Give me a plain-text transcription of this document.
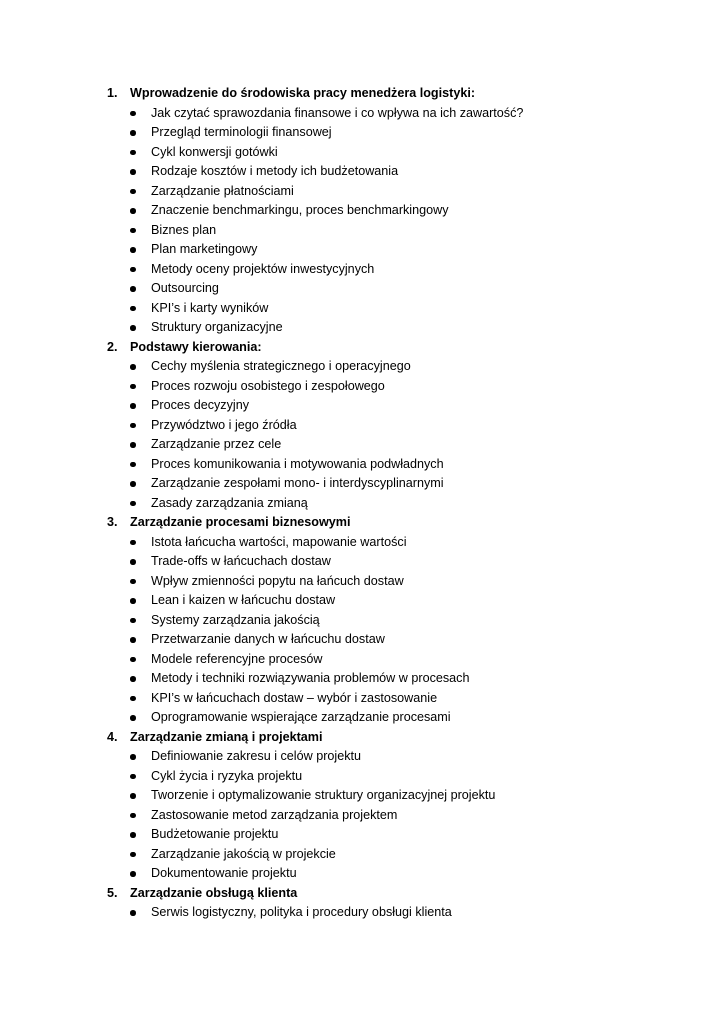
1. Wprowadzenie do środowiska pracy menedżera logistyki:
Jak czytać sprawozdania finansowe i co wpływa na ich zawartość?
Przegląd terminologii finansowej
Cykl konwersji gotówki
Rodzaje kosztów i metody ich budżetowania
Zarządzanie płatnościami
Znaczenie benchmarkingu, proces benchmarkingowy
Biznes plan
Plan marketingowy
Metody oceny projektów inwestycyjnych
Outsourcing
KPI’s i karty wyników
Struktury organizacyjne
2. Podstawy kierowania:
Cechy myślenia strategicznego i operacyjnego
Proces rozwoju osobistego i zespołowego
Proces decyzyjny
Przywództwo i jego źródła
Zarządzanie przez cele
Proces komunikowania i motywowania podwładnych
Zarządzanie zespołami mono- i interdyscyplinarnymi
Zasady zarządzania zmianą
3. Zarządzanie procesami biznesowymi
Istota łańcucha wartości, mapowanie wartości
Trade-offs w łańcuchach dostaw
Wpływ zmienności popytu na łańcuch dostaw
Lean i kaizen w łańcuchu dostaw
Systemy zarządzania jakością
Przetwarzanie danych w łańcuchu dostaw
Modele referencyjne procesów
Metody i techniki rozwiązywania problemów w procesach
KPI’s w łańcuchach dostaw – wybór i zastosowanie
Oprogramowanie wspierające zarządzanie procesami
4. Zarządzanie zmianą i projektami
Definiowanie zakresu i celów projektu
Cykl życia i ryzyka projektu
Tworzenie i optymalizowanie struktury organizacyjnej projektu
Zastosowanie metod zarządzania projektem
Budżetowanie projektu
Zarządzanie jakością w projekcie
Dokumentowanie projektu
5. Zarządzanie obsługą klienta
Serwis logistyczny, polityka i procedury obsługi klienta
